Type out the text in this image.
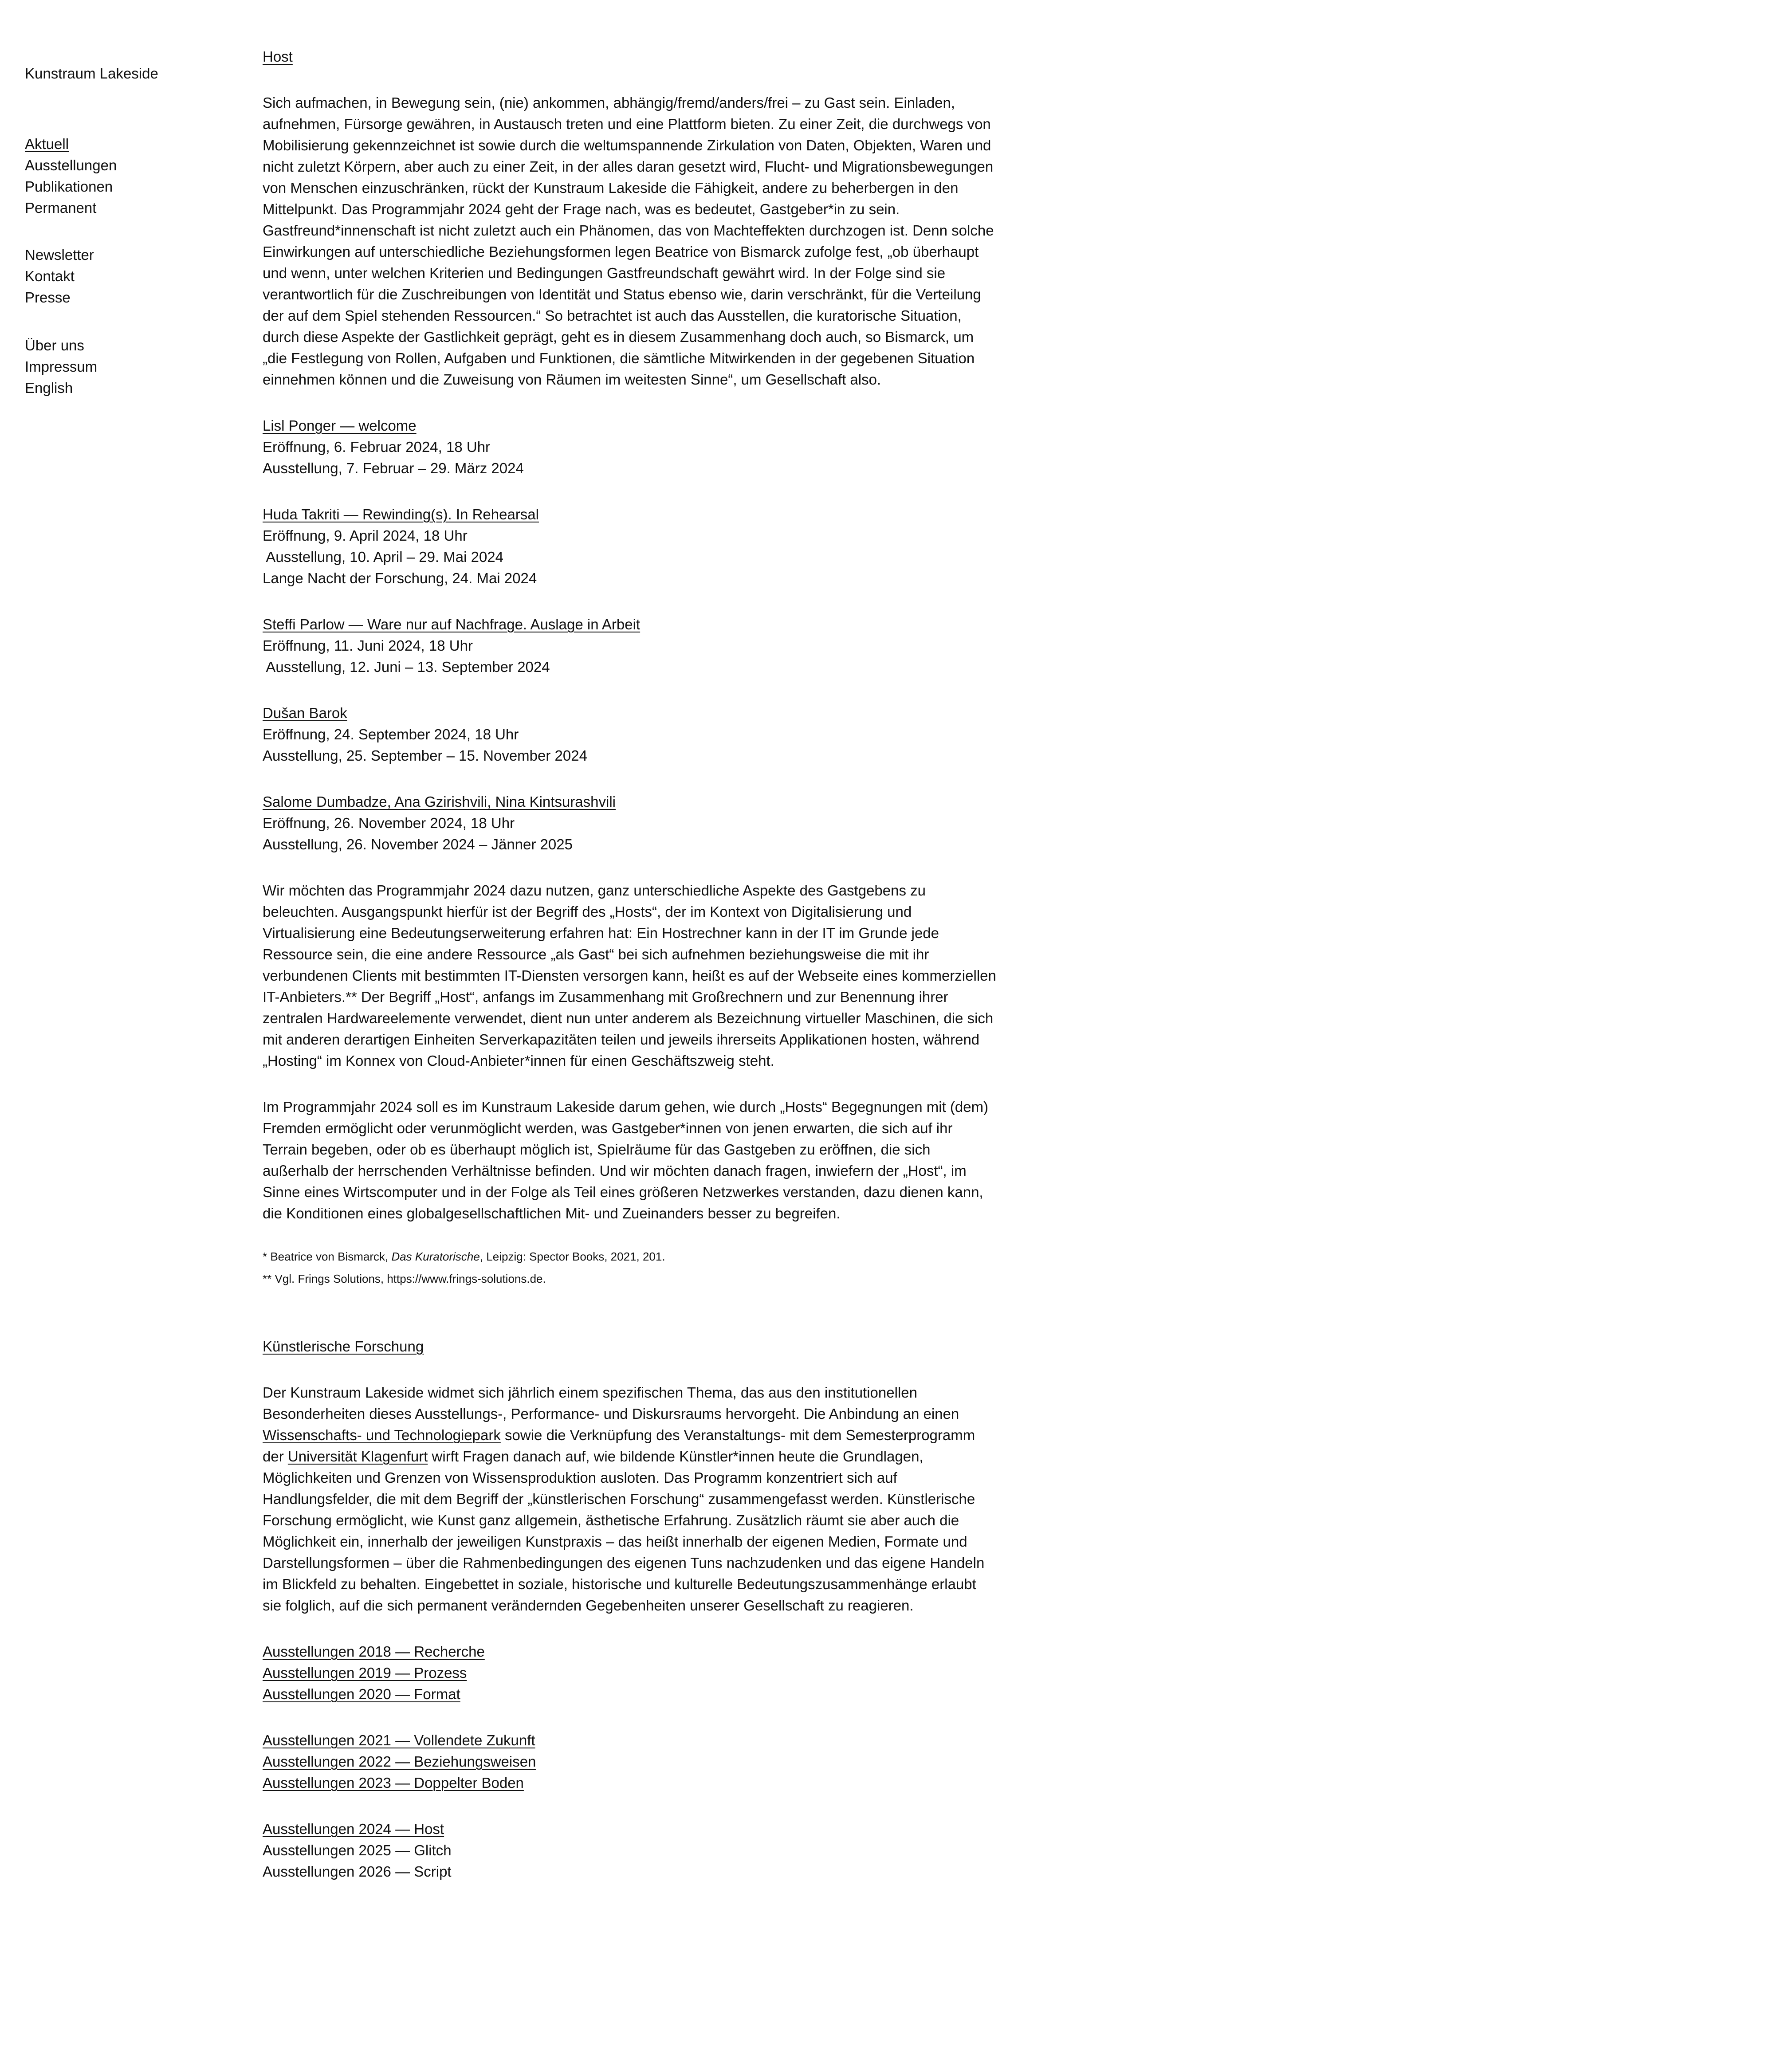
Kunstraum Lakeside
Aktuell
Ausstellungen
Publikationen
Permanent
Newsletter
Kontakt
Presse
Über uns
Impressum
English
Host

Sich aufmachen, in Bewegung sein, (nie) ankommen, abhängig/fremd/anders/frei – zu Gast sein. Einladen, aufnehmen, Fürsorge gewähren, in Austausch treten und eine Plattform bieten. Zu einer Zeit, die durchwegs von Mobilisierung gekennzeichnet ist sowie durch die weltumspannende Zirkulation von Daten, Objekten, Waren und nicht zuletzt Körpern, aber auch zu einer Zeit, in der alles daran gesetzt wird, Flucht- und Migrationsbewegungen von Menschen einzuschränken, rückt der Kunstraum Lakeside die Fähigkeit, andere zu beherbergen in den Mittelpunkt. Das Programmjahr 2024 geht der Frage nach, was es bedeutet, Gastgeber*in zu sein. Gastfreund*innenschaft ist nicht zuletzt auch ein Phänomen, das von Machteffekten durchzogen ist. Denn solche Einwirkungen auf unterschiedliche Beziehungsformen legen Beatrice von Bismarck zufolge fest, „ob überhaupt und wenn, unter welchen Kriterien und Bedingungen Gastfreundschaft gewährt wird. In der Folge sind sie verantwortlich für die Zuschreibungen von Identität und Status ebenso wie, darin verschränkt, für die Verteilung der auf dem Spiel stehenden Ressourcen.“ So betrachtet ist auch das Ausstellen, die kuratorische Situation, durch diese Aspekte der Gastlichkeit geprägt, geht es in diesem Zusammenhang doch auch, so Bismarck, um „die Festlegung von Rollen, Aufgaben und Funktionen, die sämtliche Mitwirkenden in der gegebenen Situation einnehmen können und die Zuweisung von Räumen im weitesten Sinne“, um Gesellschaft also.

Lisl Ponger — welcome
Eröffnung, 6. Februar 2024, 18 Uhr
Ausstellung, 7. Februar – 29. März 2024
Huda Takriti — Rewinding(s). In Rehearsal
Eröffnung, 9. April 2024, 18 Uhr
Ausstellung, 10. April – 29. Mai 2024
Lange Nacht der Forschung, 24. Mai 2024
Steffi Parlow — Ware nur auf Nachfrage. Auslage in Arbeit
Eröffnung, 11. Juni 2024, 18 Uhr
Ausstellung, 12. Juni – 13. September 2024
Dušan Barok
Eröffnung, 24. September 2024, 18 Uhr
Ausstellung, 25. September – 15. November 2024
Salome Dumbadze, Ana Gzirishvili, Nina Kintsurashvili
Eröffnung, 26. November 2024, 18 Uhr
Ausstellung, 26. November 2024 – Jänner 2025

Wir möchten das Programmjahr 2024 dazu nutzen, ganz unterschiedliche Aspekte des Gastgebens zu beleuchten. Ausgangspunkt hierfür ist der Begriff des „Hosts“, der im Kontext von Digitalisierung und Virtualisierung eine Bedeutungserweiterung erfahren hat: Ein Hostrechner kann in der IT im Grunde jede Ressource sein, die eine andere Ressource „als Gast“ bei sich aufnehmen beziehungsweise die mit ihr verbundenen Clients mit bestimmten IT-Diensten versorgen kann, heißt es auf der Webseite eines kommerziellen IT-Anbieters.** Der Begriff „Host“, anfangs im Zusammenhang mit Großrechnern und zur Benennung ihrer zentralen Hardwareelemente verwendet, dient nun unter anderem als Bezeichnung virtueller Maschinen, die sich mit anderen derartigen Einheiten Serverkapazitäten teilen und jeweils ihrerseits Applikationen hosten, während „Hosting“ im Konnex von Cloud-Anbieter*innen für einen Geschäftszweig steht.

Im Programmjahr 2024 soll es im Kunstraum Lakeside darum gehen, wie durch „Hosts“ Begegnungen mit (dem) Fremden ermöglicht oder verunmöglicht werden, was Gastgeber*innen von jenen erwarten, die sich auf ihr Terrain begeben, oder ob es überhaupt möglich ist, Spielräume für das Gastgeben zu eröffnen, die sich außerhalb der herrschenden Verhältnisse befinden. Und wir möchten danach fragen, inwiefern der „Host“, im Sinne eines Wirtscomputer und in der Folge als Teil eines größeren Netzwerkes verstanden, dazu dienen kann, die Konditionen eines globalgesellschaftlichen Mit- und Zueinanders besser zu begreifen.

* Beatrice von Bismarck, Das Kuratorische, Leipzig: Spector Books, 2021, 201.

** Vgl. Frings Solutions, https://www.frings-solutions.de.

Künstlerische Forschung

Der Kunstraum Lakeside widmet sich jährlich einem spezifischen Thema, das aus den institutionellen Besonderheiten dieses Ausstellungs-, Performance- und Diskursraums hervorgeht. Die Anbindung an einen Wissenschafts- und Technologiepark sowie die Verknüpfung des Veranstaltungs- mit dem Semesterprogramm der Universität Klagenfurt wirft Fragen danach auf, wie bildende Künstler*innen heute die Grundlagen, Möglichkeiten und Grenzen von Wissensproduktion ausloten. Das Programm konzentriert sich auf Handlungsfelder, die mit dem Begriff der „künstlerischen Forschung“ zusammengefasst werden. Künstlerische Forschung ermöglicht, wie Kunst ganz allgemein, ästhetische Erfahrung. Zusätzlich räumt sie aber auch die Möglichkeit ein, innerhalb der jeweiligen Kunstpraxis – das heißt innerhalb der eigenen Medien, Formate und Darstellungsformen – über die Rahmenbedingungen des eigenen Tuns nachzudenken und das eigene Handeln im Blickfeld zu behalten. Eingebettet in soziale, historische und kulturelle Bedeutungszusammenhänge erlaubt sie folglich, auf die sich permanent verändernden Gegebenheiten unserer Gesellschaft zu reagieren.

Ausstellungen 2018 — Recherche
Ausstellungen 2019 — Prozess
Ausstellungen 2020 — Format
Ausstellungen 2021 — Vollendete Zukunft
Ausstellungen 2022 — Beziehungsweisen
Ausstellungen 2023 — Doppelter Boden
Ausstellungen 2024 — Host
Ausstellungen 2025 — Glitch
Ausstellungen 2026 — Script
